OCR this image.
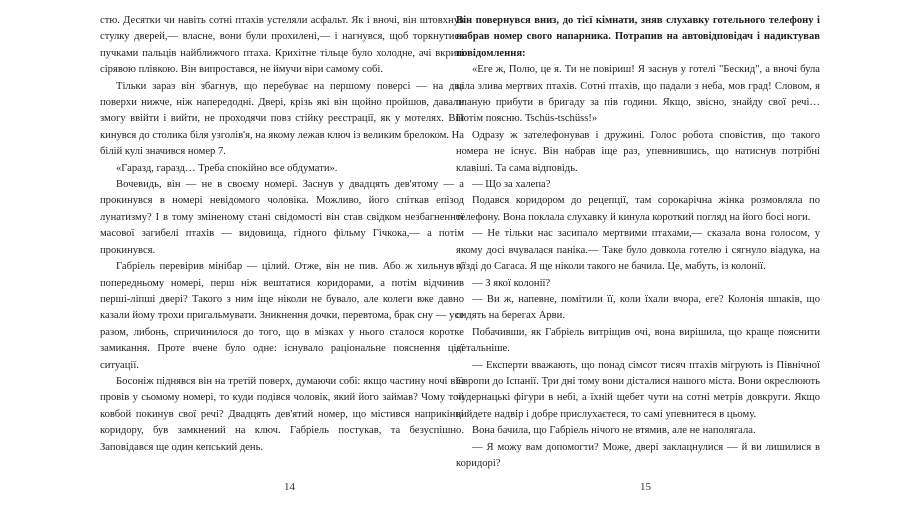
стю. Десятки чи навіть сотні птахів устеляли асфальт. Як і вночі, він штовхнув стулку дверей,— власне, вони були прохилені,— і нагнувся, щоб торкнутися пучками пальців найближчого птаха. Крихітне тільце було холодне, ачі вкриті сірявою плівкою. Він випростався, не ймучи віри самому собі.

Тільки зараз він збагнув, що перебуває на першому поверсі — на два поверхи нижче, ніж напередодні. Двері, крізь які він щойно пройшов, давали змогу ввійти і вийти, не проходячи повз стійку реєстрації, як у мотелях. Він кинувся до столика біля узголів'я, на якому лежав ключ із великим брелоком. На білій кулі значився номер 7.

«Гаразд, гаразд… Треба спокійно все обдумати».

Вочевидь, він — не в своєму номері. Заснув у двадцять дев'ятому — а прокинувся в номері невідомого чоловіка. Можливо, його спіткав епізод лунатизму? І в тому зміненому стані свідомості він став свідком незбагненної масової загибелі птахів — видовища, гідного фільму Гічкока,— а потім прокинувся.

Габріель перевірив мінібар — цілий. Отже, він не пив. Або ж хильнув у попередньому номері, перш ніж вештатися коридорами, а потім відчинив перші-ліпші двері? Такого з ним іще ніколи не бувало, але колеги вже давно казали йому трохи пригальмувати. Зникнення дочки, перевтома, брак сну — усе разом, либонь, спричинилося до того, що в мізках у нього сталося коротке замикання. Проте вчене було одне: існувало раціональне пояснення цієї ситуації.

Босоніж піднявся він на третій поверх, думаючи собі: якщо частину ночі він провів у сьомому номері, то куди подівся чоловік, який його займав? Чому той ковбой покинув свої речі? Двадцять дев'ятий номер, що містився наприкінці коридору, був замкнений на ключ. Габріель постукав, та безуспішно. Заповідався ще один кепський день.

Він повернувся вниз, до тієї кімнати, зняв слухавку готельного телефону і набрав номер свого напарника. Потрапив на автовідповідач і надиктував повідомлення:

«Еге ж, Полю, це я. Ти не повіриш! Я заснув у готелі "Бескид", а вночі була ціла злива мертвих птахів. Сотні птахів, що падали з неба, мов град! Словом, я планую прибути в бригаду за пів години. Якщо, звісно, знайду свої речі… Потім поясню. Tschüs-tschüss!»

Одразу ж зателефонував і дружині. Голос робота сповістив, що такого номера не існує. Він набрав іще раз, упевнившись, що натиснув потрібні клавіші. Та сама відповідь.

— Що за халепа?

Подався коридором до рецепції, там сорокарічна жінка розмовляла по телефону. Вона поклала слухавку й кинула короткий погляд на його босі ноги.

— Не тільки нас засипало мертвими птахами,— сказала вона голосом, у якому досі вчувалася паніка.— Таке було довкола готелю і сягнуло віадука, на в'їзді до Сагаса. Я ще ніколи такого не бачила. Це, мабуть, із колонії.

— З якої колонії?

— Ви ж, напевне, помітили її, коли їхали вчора, еге? Колонія шпаків, що сидять на берегах Арви.

Побачивши, як Габріель витріщив очі, вона вирішила, що краще пояснити детальніше.

— Експерти вважають, що понад сімсот тисяч птахів мігрують із Північної Європи до Іспанії. Три дні тому вони дісталися нашого міста. Вони окреслюють чудернацькі фігури в небі, а їхній щебет чути на сотні метрів довкруги. Якщо вийдете надвір і добре прислухаєтеся, то самі упевнитеся в цьому.

Вона бачила, що Габріель нічого не втямив, але не наполягала.

— Я можу вам допомогти? Може, двері заклацнулися — й ви лишилися в коридорі?

14	15
